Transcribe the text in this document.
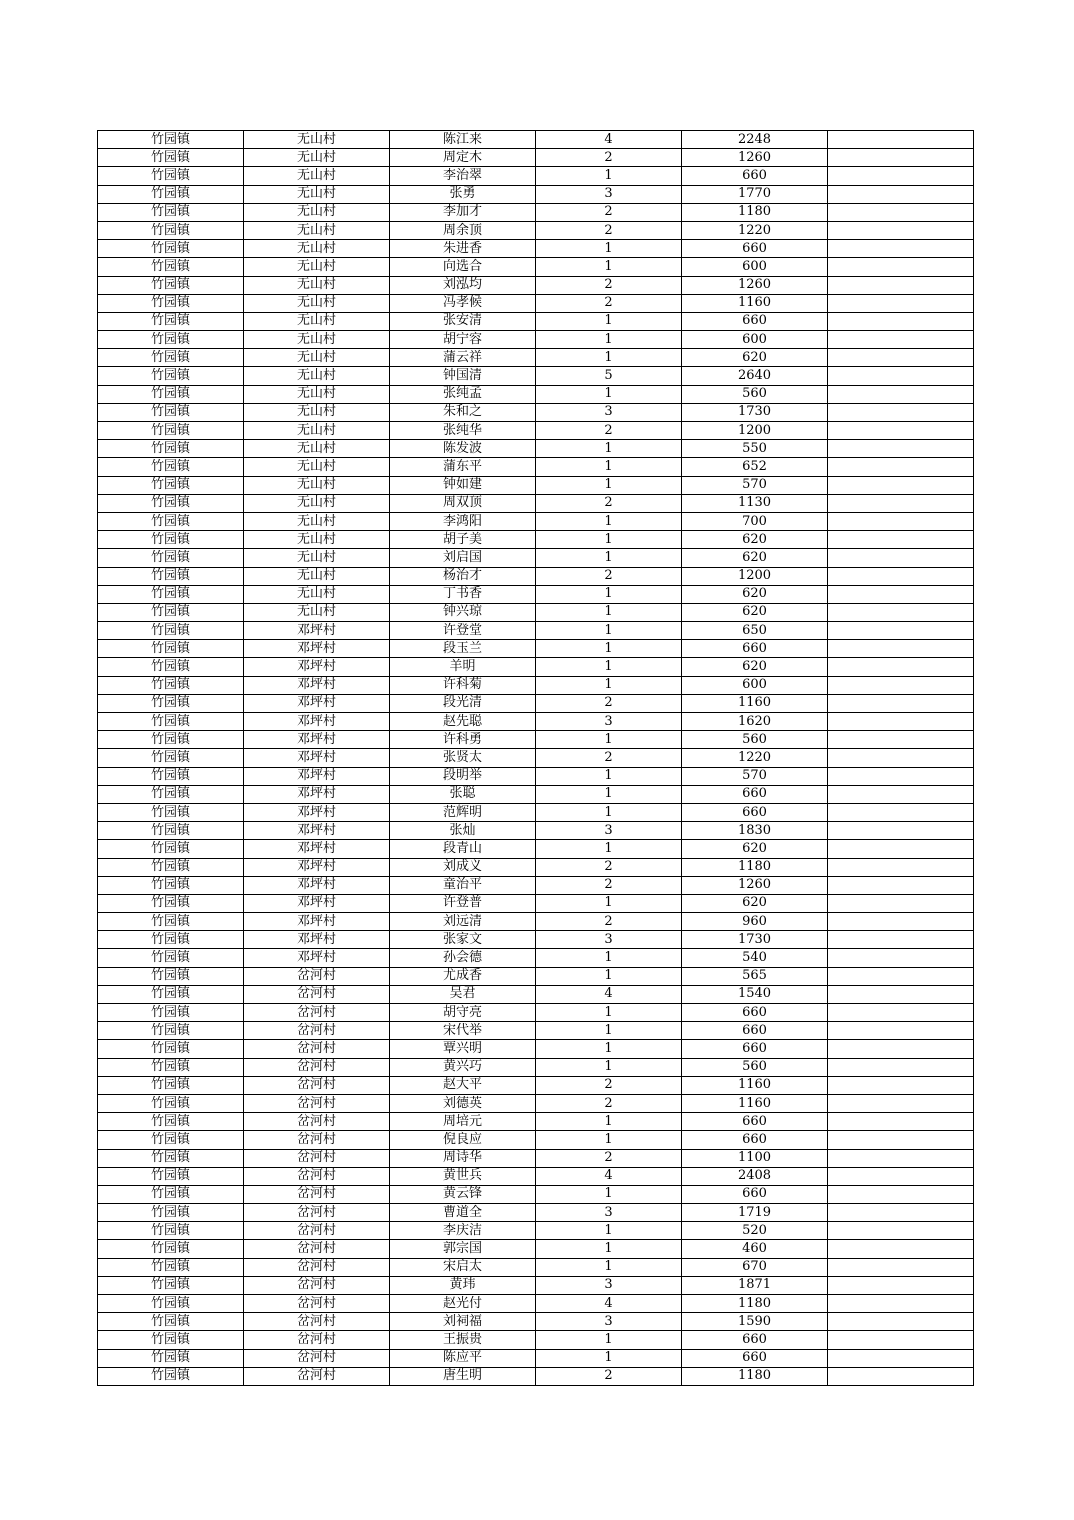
竹园镇	无山村	陈江来	4	2248	
竹园镇	无山村	周定木	2	1260	
竹园镇	无山村	李治翠	1	660	
竹园镇	无山村	张勇	3	1770	
竹园镇	无山村	李加才	2	1180	
竹园镇	无山村	周余顶	2	1220	
竹园镇	无山村	朱进香	1	660	
竹园镇	无山村	向选合	1	600	
竹园镇	无山村	刘泓均	2	1260	
竹园镇	无山村	冯孝候	2	1160	
竹园镇	无山村	张安清	1	660	
竹园镇	无山村	胡宁容	1	600	
竹园镇	无山村	蒲云祥	1	620	
竹园镇	无山村	钟国清	5	2640	
竹园镇	无山村	张纯孟	1	560	
竹园镇	无山村	朱和之	3	1730	
竹园镇	无山村	张纯华	2	1200	
竹园镇	无山村	陈发波	1	550	
竹园镇	无山村	蒲东平	1	652	
竹园镇	无山村	钟如建	1	570	
竹园镇	无山村	周双顶	2	1130	
竹园镇	无山村	李鸿阳	1	700	
竹园镇	无山村	胡子美	1	620	
竹园镇	无山村	刘启国	1	620	
竹园镇	无山村	杨治才	2	1200	
竹园镇	无山村	丁书香	1	620	
竹园镇	无山村	钟兴琼	1	620	
竹园镇	邓坪村	许登堂	1	650	
竹园镇	邓坪村	段玉兰	1	660	
竹园镇	邓坪村	羊明	1	620	
竹园镇	邓坪村	许科菊	1	600	
竹园镇	邓坪村	段光清	2	1160	
竹园镇	邓坪村	赵先聪	3	1620	
竹园镇	邓坪村	许科勇	1	560	
竹园镇	邓坪村	张贤太	2	1220	
竹园镇	邓坪村	段明举	1	570	
竹园镇	邓坪村	张聪	1	660	
竹园镇	邓坪村	范辉明	1	660	
竹园镇	邓坪村	张灿	3	1830	
竹园镇	邓坪村	段青山	1	620	
竹园镇	邓坪村	刘成义	2	1180	
竹园镇	邓坪村	童治平	2	1260	
竹园镇	邓坪村	许登普	1	620	
竹园镇	邓坪村	刘远清	2	960	
竹园镇	邓坪村	张家文	3	1730	
竹园镇	邓坪村	孙会德	1	540	
竹园镇	岔河村	尤成香	1	565	
竹园镇	岔河村	吴君	4	1540	
竹园镇	岔河村	胡守亮	1	660	
竹园镇	岔河村	宋代举	1	660	
竹园镇	岔河村	覃兴明	1	660	
竹园镇	岔河村	黄兴巧	1	560	
竹园镇	岔河村	赵大平	2	1160	
竹园镇	岔河村	刘德英	2	1160	
竹园镇	岔河村	周培元	1	660	
竹园镇	岔河村	倪良应	1	660	
竹园镇	岔河村	周诗华	2	1100	
竹园镇	岔河村	黄世兵	4	2408	
竹园镇	岔河村	黄云锋	1	660	
竹园镇	岔河村	曹道全	3	1719	
竹园镇	岔河村	李庆洁	1	520	
竹园镇	岔河村	郭宗国	1	460	
竹园镇	岔河村	宋启太	1	670	
竹园镇	岔河村	黄玮	3	1871	
竹园镇	岔河村	赵光付	4	1180	
竹园镇	岔河村	刘祠福	3	1590	
竹园镇	岔河村	王振贵	1	660	
竹园镇	岔河村	陈应平	1	660	
竹园镇	岔河村	唐生明	2	1180	
